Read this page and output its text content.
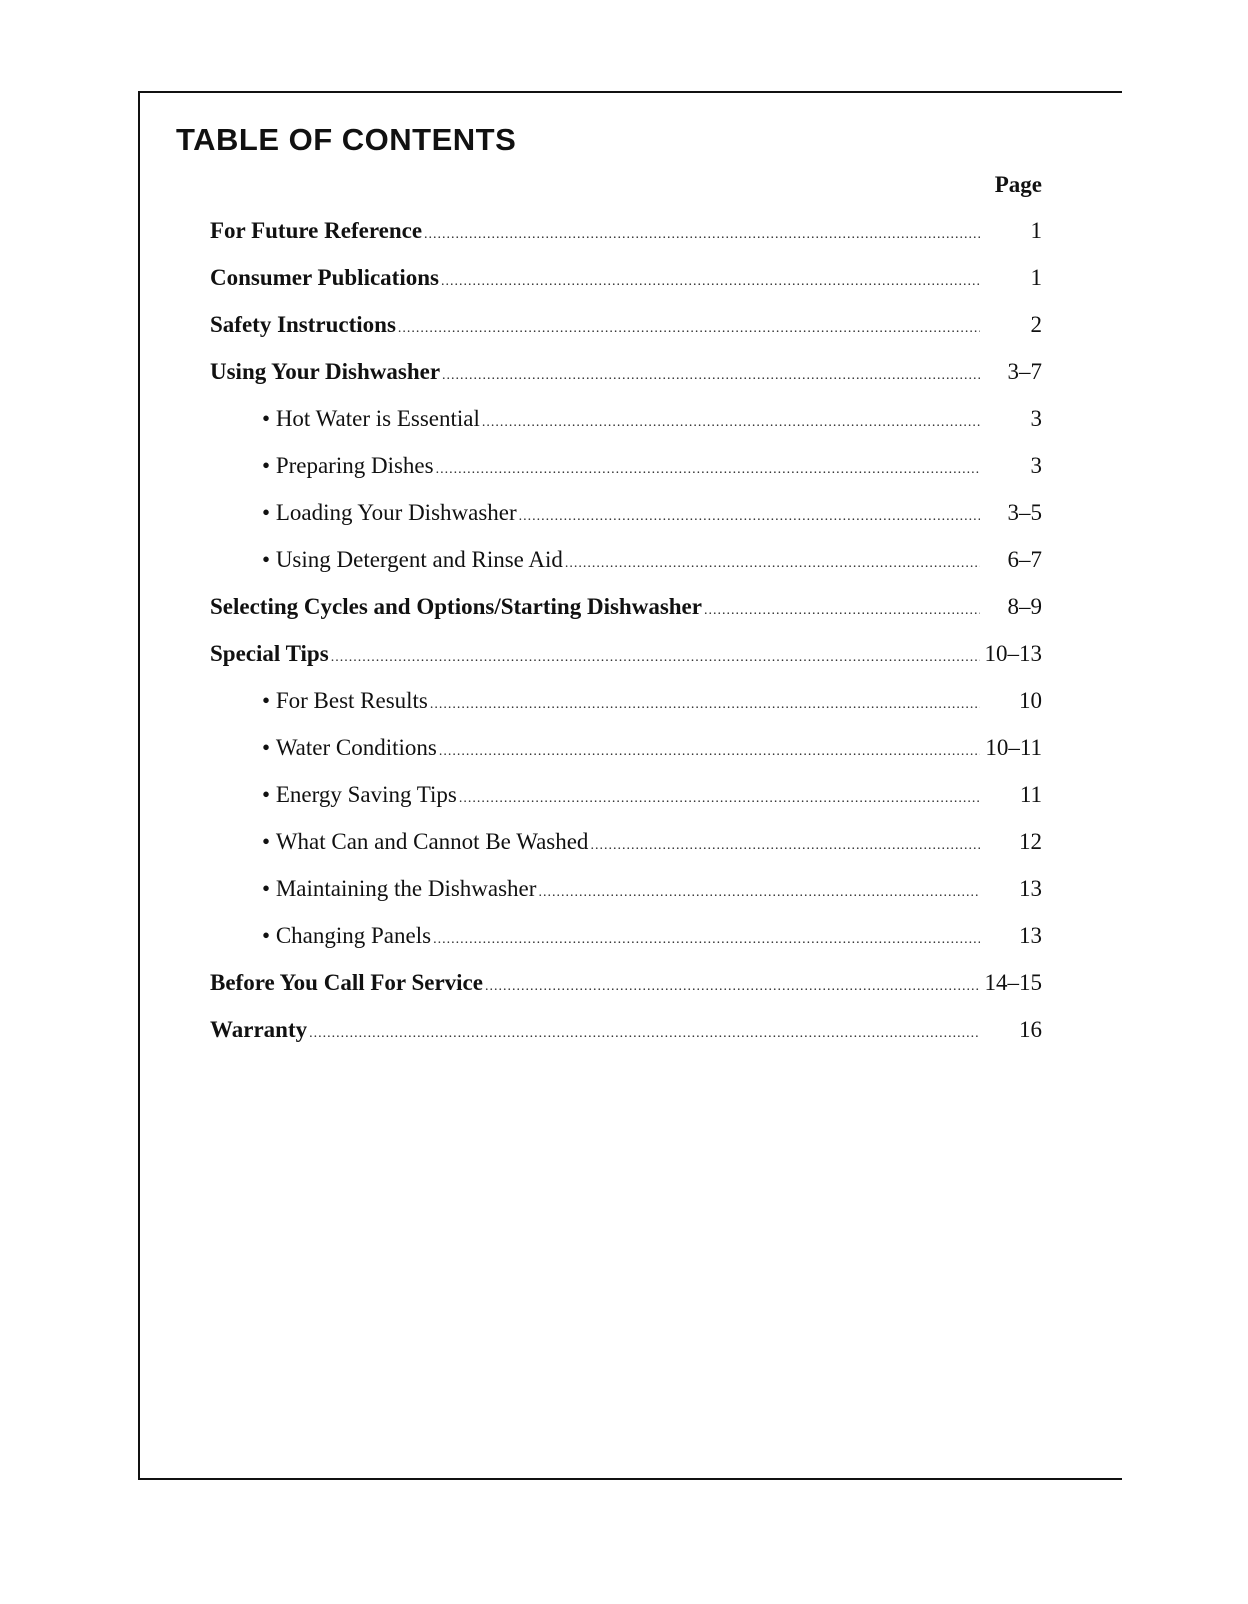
TABLE OF CONTENTS
Page
For Future Reference .....	1
Consumer Publications .....	1
Safety Instructions .....	2
Using Your Dishwasher .....	3–7
• Hot Water is Essential .....	3
• Preparing Dishes .....	3
• Loading Your Dishwasher .....	3–5
• Using Detergent and Rinse Aid .....	6–7
Selecting Cycles and Options/Starting Dishwasher .....	8–9
Special Tips .....	10–13
• For Best Results .....	10
• Water Conditions .....	10–11
• Energy Saving Tips .....	11
• What Can and Cannot Be Washed .....	12
• Maintaining the Dishwasher .....	13
• Changing Panels .....	13
Before You Call For Service .....	14–15
Warranty .....	16
